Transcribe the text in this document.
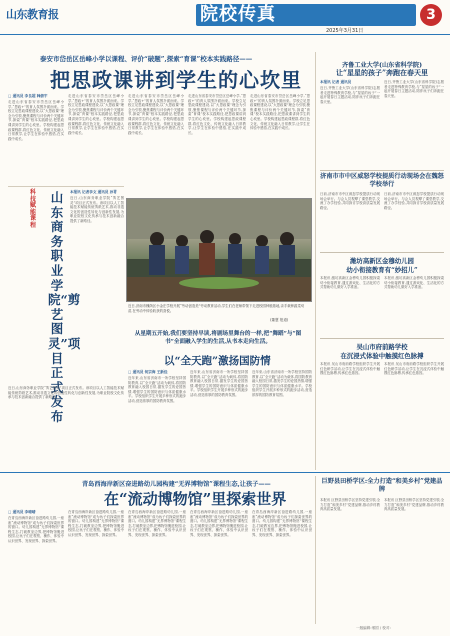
山东教育报	院校传真	3
2025年3月31日
泰安市岱岳区岳峰小学以课程、评价“破题”,探索“育课”校本实践路径——
把思政课讲到学生的心坎里
□ 通讯员 李良超 韩倩宇
走进山东省泰安市岱岳区岳峰小学,“思政+”的育人氛围扑面而来。学校立足思政课程建设,以“大思政课”理念为引领,聚焦课程与评价两个关键环节,探索“育课”校本实践路径,把思政课讲到学生的心坎里。学校构建起思政课程群,将红色文化、传统文化融入日常教学,让学生在体验中感悟,在实践中成长。
走进山东省泰安市岱岳区岳峰小学,“思政+”的育人氛围扑面而来。学校立足思政课程建设,以“大思政课”理念为引领,聚焦课程与评价两个关键环节,探索“育课”校本实践路径,把思政课讲到学生的心坎里。学校构建起思政课程群,将红色文化、传统文化融入日常教学,让学生在体验中感悟,在实践中成长。
走进山东省泰安市岱岳区岳峰小学,“思政+”的育人氛围扑面而来。学校立足思政课程建设,以“大思政课”理念为引领,聚焦课程与评价两个关键环节,探索“育课”校本实践路径,把思政课讲到学生的心坎里。学校构建起思政课程群,将红色文化、传统文化融入日常教学,让学生在体验中感悟,在实践中成长。
走进山东省泰安市岱岳区岳峰小学,“思政+”的育人氛围扑面而来。学校立足思政课程建设,以“大思政课”理念为引领,聚焦课程与评价两个关键环节,探索“育课”校本实践路径,把思政课讲到学生的心坎里。学校构建起思政课程群,将红色文化、传统文化融入日常教学,让学生在体验中感悟,在实践中成长。
走进山东省泰安市岱岳区岳峰小学,“思政+”的育人氛围扑面而来。学校立足思政课程建设,以“大思政课”理念为引领,聚焦课程与评价两个关键环节,探索“育课”校本实践路径,把思政课讲到学生的心坎里。学校构建起思政课程群,将红色文化、传统文化融入日常教学,让学生在体验中感悟,在实践中成长。
科技赋能 课程
山东商务职业学院“剪艺图灵”项目正式发布
本报讯 记者李文 通讯员 孙青
近日,山东商务职业学院“剪艺图灵”项目正式发布。该项目以人工智能技术赋能传统剪纸艺术,推动非遗文化的创造性转化与创新性发展,为职业院校文化传承与技术创新融合提供了新路径。
近日,山东商务职业学院“剪艺图灵”项目正式发布。该项目以人工智能技术赋能传统剪纸艺术,推动非遗文化的创造性转化与创新性发展,为职业院校文化传承与技术创新融合提供了新路径。
近日,济南市槐荫区小金庄学校开展“劳动创造美”劳动教育活动,学生们在老师带领下走进校园种植基地,亲手栽种蔬菜幼苗,在劳动中体验收获的喜悦。
(董慧 报道)
从星期五开始,我们要坚持早读,将剧场里舞台的一样,把“舞蹈”与“图书”全面融入学生的生活,从书本走向生活。
以“全天跑”激扬国防情
□ 通讯员 何宗海 王新佳
近年来,山东省济南市一所学校坚持国防教育,以“全天跑”活动为载体,将国防教育融入校园日常,激发学生的爱国热情,增强学生的国防意识与体质健康水平。学校组织学生开展多种形式的跑步活动,营造浓厚的国防教育氛围。
近年来,山东省济南市一所学校坚持国防教育,以“全天跑”活动为载体,将国防教育融入校园日常,激发学生的爱国热情,增强学生的国防意识与体质健康水平。学校组织学生开展多种形式的跑步活动,营造浓厚的国防教育氛围。
近年来,山东省济南市一所学校坚持国防教育,以“全天跑”活动为载体,将国防教育融入校园日常,激发学生的爱国热情,增强学生的国防意识与体质健康水平。学校组织学生开展多种形式的跑步活动,营造浓厚的国防教育氛围。
齐鲁工业大学(山东省科学院)
让“星星的孩子”奔跑在春天里
本报讯 记者 通讯员
近日,齐鲁工业大学(山东省科学院)志愿者走进特殊教育学校,与“星星的孩子”一起开展春日主题活动,陪伴孩子们奔跑在春天里。
近日,齐鲁工业大学(山东省科学院)志愿者走进特殊教育学校,与“星星的孩子”一起开展春日主题活动,陪伴孩子们奔跑在春天里。
济南市市中区威怒学校提质行动现场会在魏怒学校举行
日前,济南市市中区威怒学校提质行动现场会举行。与会人员观摩了课堂教学,交流了办学经验,共同探讨学校高质量发展路径。
日前,济南市市中区威怒学校提质行动现场会举行。与会人员观摩了课堂教学,交流了办学经验,共同探讨学校高质量发展路径。
潍坊高新区金穆幼儿园
幼小衔接教育有“妙招儿”
本报讯 潍坊高新区金穆幼儿园积极探索幼小衔接教育,通过游戏化、生活化的方式帮助幼儿做好入学准备。
本报讯 潍坊高新区金穆幼儿园积极探索幼小衔接教育,通过游戏化、生活化的方式帮助幼儿做好入学准备。
吴山市府前路学校
在沉浸式体验中触摸红色脉搏
本报讯 吴山市府前路学校组织学生开展红色研学活动,让学生在沉浸式体验中触摸红色脉搏,传承红色基因。
本报讯 吴山市府前路学校组织学生开展红色研学活动,让学生在沉浸式体验中触摸红色脉搏,传承红色基因。
青岛西海岸新区奋进路幼儿园构建“无界博物馆”课程生态,让孩子——
在“流动博物馆”里探索世界
□ 通讯员 李晴晴
在青岛西海岸新区奋进路幼儿园,一座座“流动博物馆”成为孩子们探索世界的窗口。幼儿园构建“无界博物馆”课程生态,打破教室边界,把博物馆搬进校园,让孩子们在观察、操作、体验中认识世界、发现世界、探索世界。
在青岛西海岸新区奋进路幼儿园,一座座“流动博物馆”成为孩子们探索世界的窗口。幼儿园构建“无界博物馆”课程生态,打破教室边界,把博物馆搬进校园,让孩子们在观察、操作、体验中认识世界、发现世界、探索世界。
在青岛西海岸新区奋进路幼儿园,一座座“流动博物馆”成为孩子们探索世界的窗口。幼儿园构建“无界博物馆”课程生态,打破教室边界,把博物馆搬进校园,让孩子们在观察、操作、体验中认识世界、发现世界、探索世界。
在青岛西海岸新区奋进路幼儿园,一座座“流动博物馆”成为孩子们探索世界的窗口。幼儿园构建“无界博物馆”课程生态,打破教室边界,把博物馆搬进校园,让孩子们在观察、操作、体验中认识世界、发现世界、探索世界。
在青岛西海岸新区奋进路幼儿园,一座座“流动博物馆”成为孩子们探索世界的窗口。幼儿园构建“无界博物馆”课程生态,打破教室边界,把博物馆搬进校园,让孩子们在观察、操作、体验中认识世界、发现世界、探索世界。
巨野县田桥学区:全力打造“和美乡村”党建品牌
本报讯 巨野县田桥学区坚持党建引领,全力打造“和美乡村”党建品牌,推动乡村教育高质量发展。
本报讯 巨野县田桥学区坚持党建引领,全力打造“和美乡村”党建品牌,推动乡村教育高质量发展。
一版编辑:邢国 / 校对:
